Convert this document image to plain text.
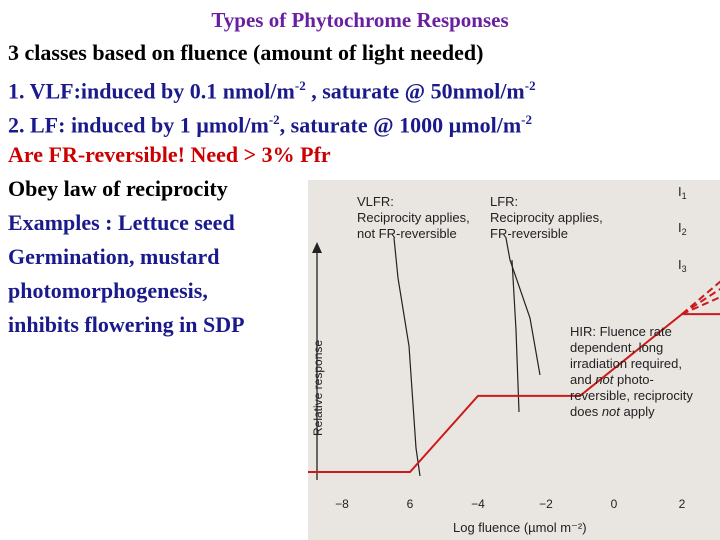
Types of Phytochrome Responses
3 classes based on fluence (amount of light needed)
1. VLF:induced by 0.1 nmol/$m^{-2}$ , saturate @ $50nmol/m^{-2}$
2. LF: induced by 1 µmol/$m^{-2}$, saturate @ 1000 µmol/$m^{-2}$
Are FR-reversible! Need > 3% Pfr
Obey law of reciprocity
Examples : Lettuce seed
Germination, mustard
photomorphogenesis,
inhibits flowering in SDP
Relative response
−8	6	−4	−2	0	2
Log fluence (µmol m⁻²)
VLFR:
Reciprocity applies,
not FR-reversible
LFR:
Reciprocity applies,
FR-reversible
HIR: Fluence rate
dependent, long
irradiation required,
and not photo-
reversible, reciprocity
does not apply
$I_1$
$I_2$
$I_3$
